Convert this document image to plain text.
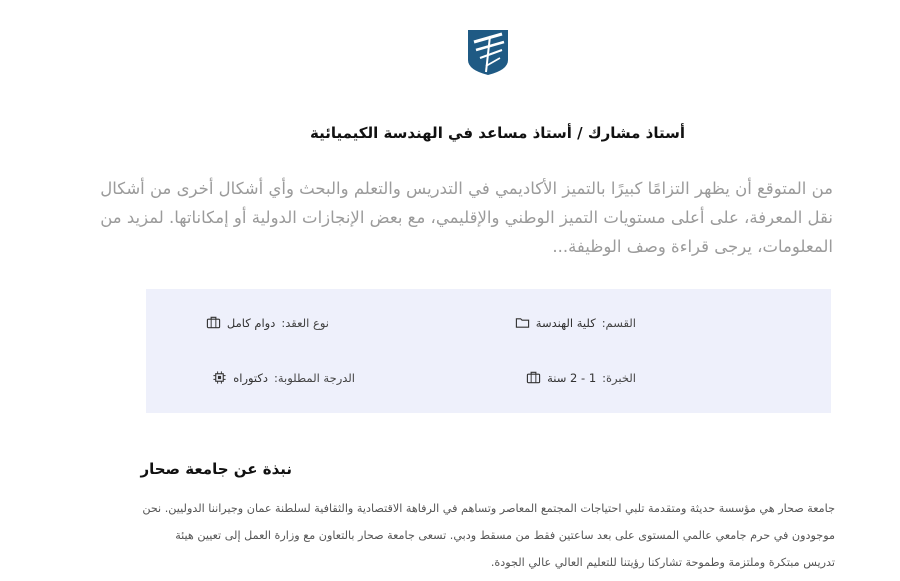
أستاذ مشارك / أستاذ مساعد في الهندسة الكيميائية
من المتوقع أن يظهر التزامًا كبيرًا بالتميز الأكاديمي في التدريس والتعلم والبحث وأي أشكال أخرى من أشكال نقل المعرفة، على أعلى مستويات التميز الوطني والإقليمي، مع بعض الإنجازات الدولية أو إمكاناتها. لمزيد من المعلومات، يرجى قراءة وصف الوظيفة...
القسم:
كلية الهندسة
نوع العقد:
دوام كامل
الخبرة:
1 - 2 سنة
الدرجة المطلوبة:
دكتوراه
نبذة عن جامعة صحار
جامعة صحار هي مؤسسة حديثة ومتقدمة تلبي احتياجات المجتمع المعاصر وتساهم في الرفاهة الاقتصادية والثقافية لسلطنة عمان وجيراننا الدوليين. نحن موجودون في حرم جامعي عالمي المستوى على بعد ساعتين فقط من مسقط ودبي. تسعى جامعة صحار بالتعاون مع وزارة العمل إلى تعيين هيئة تدريس مبتكرة وملتزمة وطموحة تشاركنا رؤيتنا للتعليم العالي عالي الجودة.
